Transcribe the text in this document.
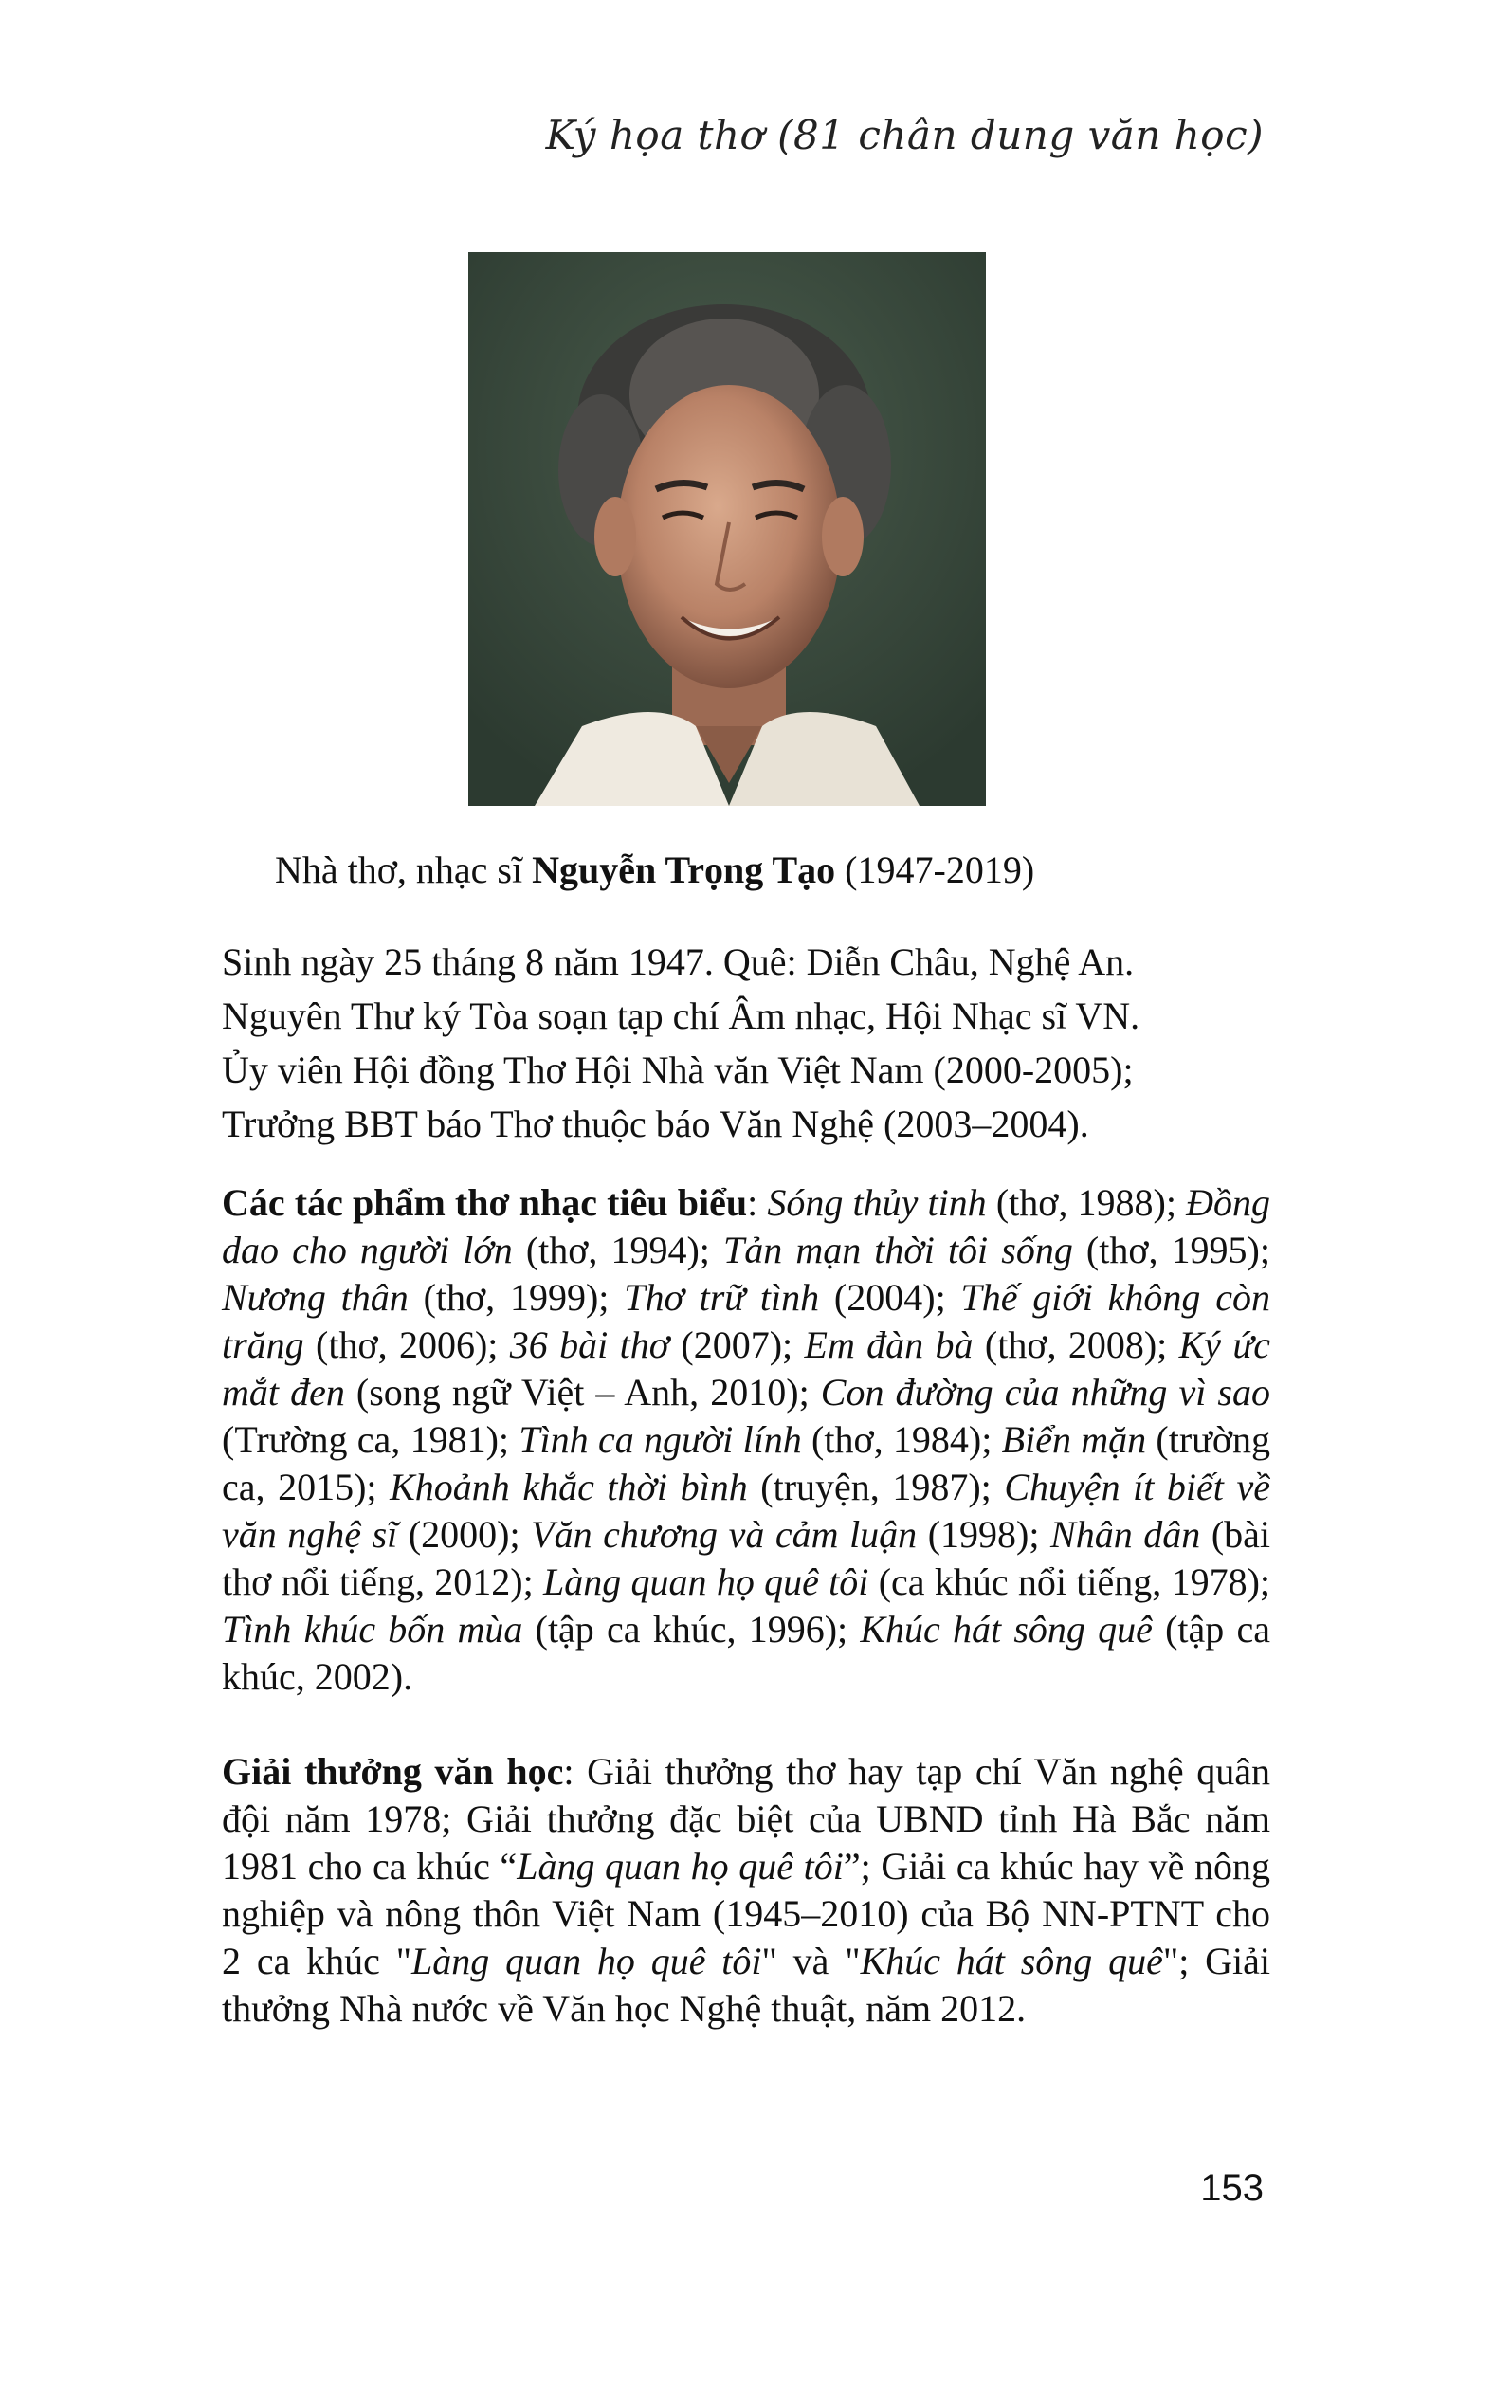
Ký họa thơ (81 chân dung văn học)
Nhà thơ, nhạc sĩ Nguyễn Trọng Tạo (1947-2019)

Sinh ngày 25 tháng 8 năm 1947. Quê: Diễn Châu, Nghệ An.

Nguyên Thư ký Tòa soạn tạp chí Âm nhạc, Hội Nhạc sĩ VN.

Ủy viên Hội đồng Thơ Hội Nhà văn Việt Nam (2000-2005);

Trưởng BBT báo Thơ thuộc báo Văn Nghệ (2003–2004).

Các tác phẩm thơ nhạc tiêu biểu: Sóng thủy tinh (thơ, 1988); Đồng dao cho người lớn (thơ, 1994); Tản mạn thời tôi sống (thơ, 1995); Nương thân (thơ, 1999); Thơ trữ tình (2004); Thế giới không còn trăng (thơ, 2006); 36 bài thơ (2007); Em đàn bà (thơ, 2008); Ký ức mắt đen (song ngữ Việt – Anh, 2010); Con đường của những vì sao (Trường ca, 1981); Tình ca người lính (thơ, 1984); Biển mặn (trường ca, 2015); Khoảnh khắc thời bình (truyện, 1987); Chuyện ít biết về văn nghệ sĩ (2000); Văn chương và cảm luận (1998); Nhân dân (bài thơ nổi tiếng, 2012); Làng quan họ quê tôi (ca khúc nổi tiếng, 1978); Tình khúc bốn mùa (tập ca khúc, 1996); Khúc hát sông quê (tập ca khúc, 2002).

Giải thưởng văn học: Giải thưởng thơ hay tạp chí Văn nghệ quân đội năm 1978; Giải thưởng đặc biệt của UBND tỉnh Hà Bắc năm 1981 cho ca khúc “Làng quan họ quê tôi”; Giải ca khúc hay về nông nghiệp và nông thôn Việt Nam (1945–2010) của Bộ NN-PTNT cho 2 ca khúc "Làng quan họ quê tôi" và "Khúc hát sông quê"; Giải thưởng Nhà nước về Văn học Nghệ thuật, năm 2012.

153
